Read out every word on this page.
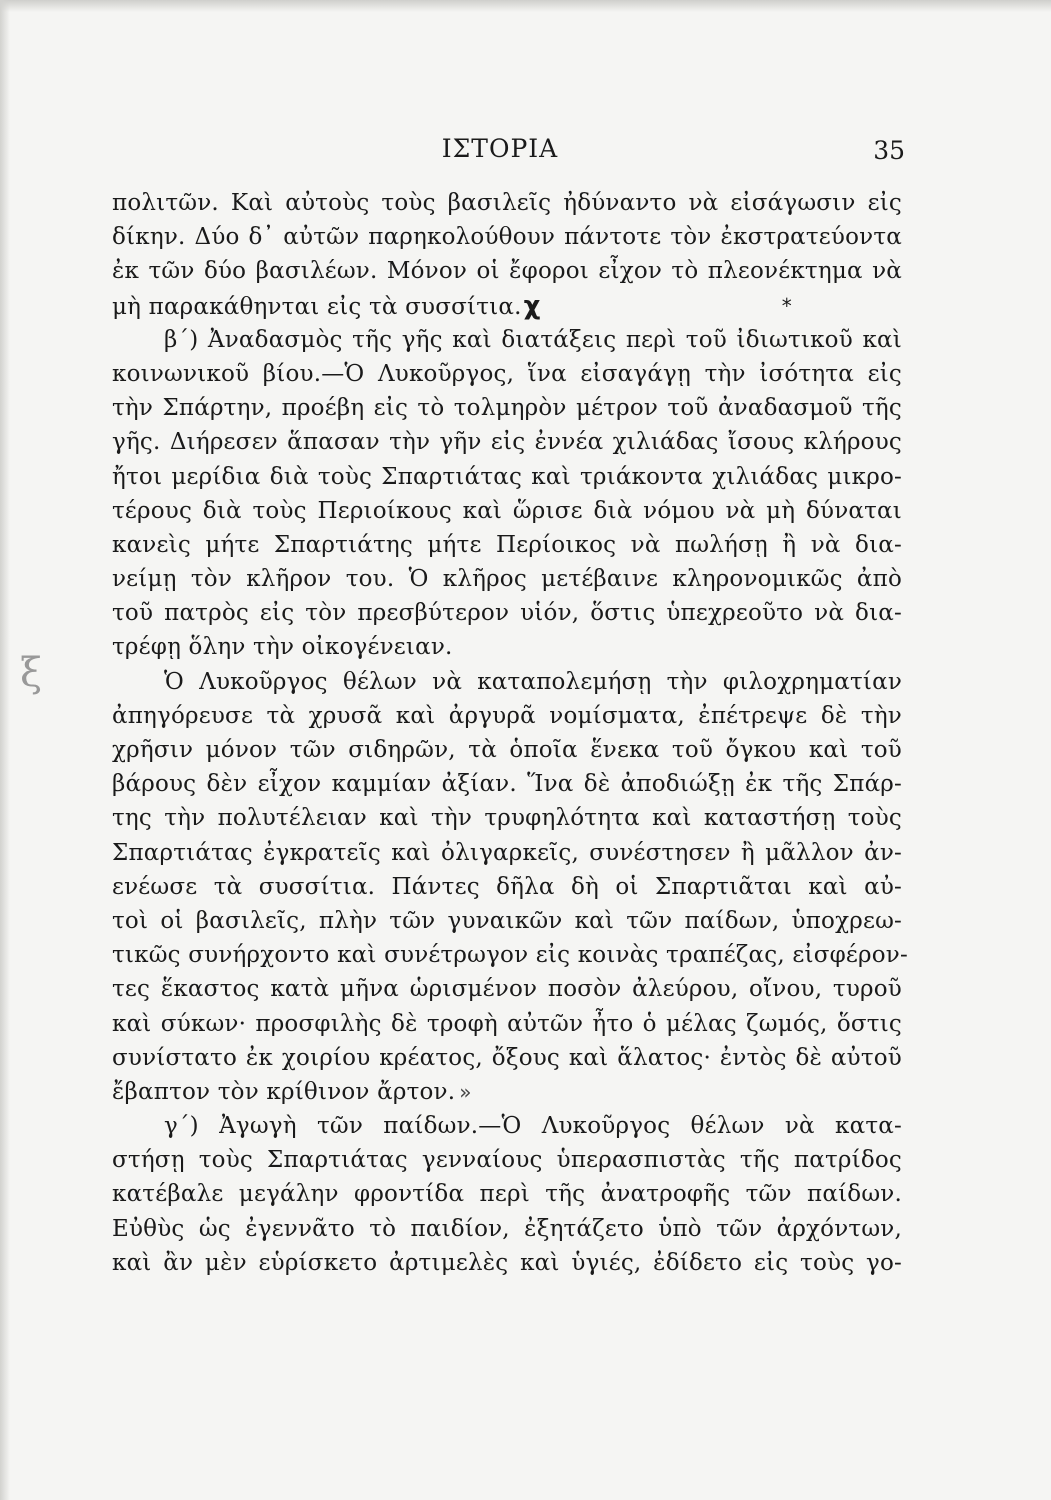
ΙΣΤΟΡΙΑ	35
ξ
πολιτῶν. Καὶ αὐτοὺς τοὺς βασιλεῖς ἠδύναντο νὰ εἰσάγωσιν εἰς
δίκην. Δύο δ᾽ αὐτῶν παρηκολούθουν πάντοτε τὸν ἐκστρατεύοντα
ἐκ τῶν δύο βασιλέων. Μόνον οἱ ἔφοροι εἶχον τὸ πλεονέκτημα νὰ
μὴ παρακάθηνται εἰς τὰ συσσίτια.χ	*
β´) Ἀναδασμὸς τῆς γῆς καὶ διατάξεις περὶ τοῦ ἰδιωτικοῦ καὶ
κοινωνικοῦ βίου.—Ὁ Λυκοῦργος, ἵνα εἰσαγάγῃ τὴν ἰσότητα εἰς
τὴν Σπάρτην, προέβη εἰς τὸ τολμηρὸν μέτρον τοῦ ἀναδασμοῦ τῆς
γῆς. Διήρεσεν ἅπασαν τὴν γῆν εἰς ἐννέα χιλιάδας ἴσους κλήρους
ἤτοι μερίδια διὰ τοὺς Σπαρτιάτας καὶ τριάκοντα χιλιάδας μικρο-
τέρους διὰ τοὺς Περιοίκους καὶ ὥρισε διὰ νόμου νὰ μὴ δύναται
κανεὶς μήτε Σπαρτιάτης μήτε Περίοικος νὰ πωλήσῃ ἢ νὰ δια-
νείμῃ τὸν κλῆρον του. Ὁ κλῆρος μετέβαινε κληρονομικῶς ἀπὸ
τοῦ πατρὸς εἰς τὸν πρεσβύτερον υἱόν, ὅστις ὑπεχρεοῦτο νὰ δια-
τρέφῃ ὅλην τὴν οἰκογένειαν.
Ὁ Λυκοῦργος θέλων νὰ καταπολεμήσῃ τὴν φιλοχρηματίαν
ἀπηγόρευσε τὰ χρυσᾶ καὶ ἀργυρᾶ νομίσματα, ἐπέτρεψε δὲ τὴν
χρῆσιν μόνον τῶν σιδηρῶν, τὰ ὁποῖα ἕνεκα τοῦ ὄγκου καὶ τοῦ
βάρους δὲν εἶχον καμμίαν ἀξίαν. Ἵνα δὲ ἀποδιώξῃ ἐκ τῆς Σπάρ-
της τὴν πολυτέλειαν καὶ τὴν τρυφηλότητα καὶ καταστήσῃ τοὺς
Σπαρτιάτας ἐγκρατεῖς καὶ ὀλιγαρκεῖς, συνέστησεν ἢ μᾶλλον ἀν-
ενέωσε τὰ συσσίτια. Πάντες δῆλα δὴ οἱ Σπαρτιᾶται καὶ αὐ-
τοὶ οἱ βασιλεῖς, πλὴν τῶν γυναικῶν καὶ τῶν παίδων, ὑποχρεω-
τικῶς συνήρχοντο καὶ συνέτρωγον εἰς κοινὰς τραπέζας, εἰσφέρον-
τες ἕκαστος κατὰ μῆνα ὡρισμένον ποσὸν ἀλεύρου, οἴνου, τυροῦ
καὶ σύκων· προσφιλὴς δὲ τροφὴ αὐτῶν ἦτο ὁ μέλας ζωμός, ὅστις
συνίστατο ἐκ χοιρίου κρέατος, ὄξους καὶ ἅλατος· ἐντὸς δὲ αὐτοῦ
ἔβαπτον τὸν κρίθινον ἄρτον. »
γ´) Ἀγωγὴ τῶν παίδων.—Ὁ Λυκοῦργος θέλων νὰ κατα-
στήσῃ τοὺς Σπαρτιάτας γενναίους ὑπερασπιστὰς τῆς πατρίδος
κατέβαλε μεγάλην φροντίδα περὶ τῆς ἀνατροφῆς τῶν παίδων.
Εὐθὺς ὡς ἐγεννᾶτο τὸ παιδίον, ἐξητάζετο ὑπὸ τῶν ἀρχόντων,
καὶ ἂν μὲν εὑρίσκετο ἀρτιμελὲς καὶ ὑγιές, ἐδίδετο εἰς τοὺς γο-
